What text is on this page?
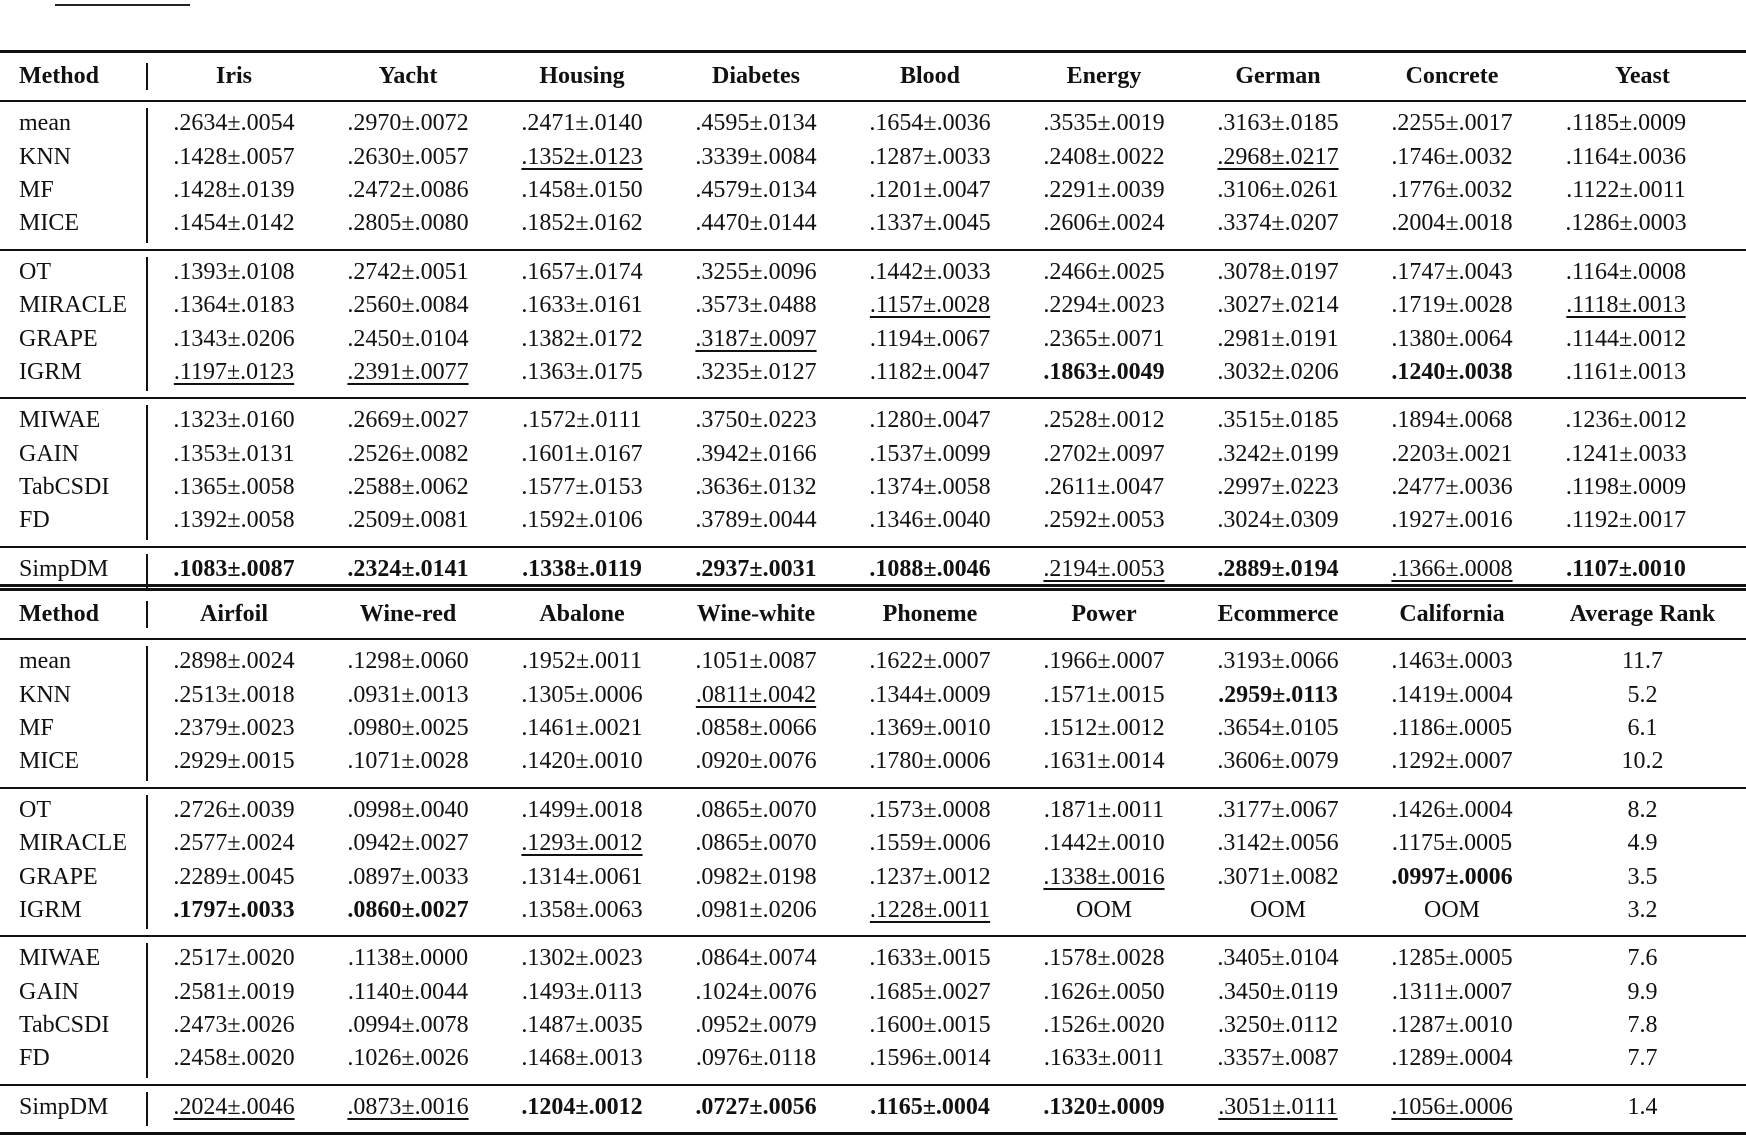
Method	Iris	Yacht	Housing	Diabetes	Blood	Energy	German	Concrete	Yeast
mean	.2634±.0054	.2970±.0072	.2471±.0140	.4595±.0134	.1654±.0036	.3535±.0019	.3163±.0185	.2255±.0017	.1185±.0009
KNN	.1428±.0057	.2630±.0057	.1352±.0123	.3339±.0084	.1287±.0033	.2408±.0022	.2968±.0217	.1746±.0032	.1164±.0036
MF	.1428±.0139	.2472±.0086	.1458±.0150	.4579±.0134	.1201±.0047	.2291±.0039	.3106±.0261	.1776±.0032	.1122±.0011
MICE	.1454±.0142	.2805±.0080	.1852±.0162	.4470±.0144	.1337±.0045	.2606±.0024	.3374±.0207	.2004±.0018	.1286±.0003
OT	.1393±.0108	.2742±.0051	.1657±.0174	.3255±.0096	.1442±.0033	.2466±.0025	.3078±.0197	.1747±.0043	.1164±.0008
MIRACLE	.1364±.0183	.2560±.0084	.1633±.0161	.3573±.0488	.1157±.0028	.2294±.0023	.3027±.0214	.1719±.0028	.1118±.0013
GRAPE	.1343±.0206	.2450±.0104	.1382±.0172	.3187±.0097	.1194±.0067	.2365±.0071	.2981±.0191	.1380±.0064	.1144±.0012
IGRM	.1197±.0123	.2391±.0077	.1363±.0175	.3235±.0127	.1182±.0047	.1863±.0049	.3032±.0206	.1240±.0038	.1161±.0013
MIWAE	.1323±.0160	.2669±.0027	.1572±.0111	.3750±.0223	.1280±.0047	.2528±.0012	.3515±.0185	.1894±.0068	.1236±.0012
GAIN	.1353±.0131	.2526±.0082	.1601±.0167	.3942±.0166	.1537±.0099	.2702±.0097	.3242±.0199	.2203±.0021	.1241±.0033
TabCSDI	.1365±.0058	.2588±.0062	.1577±.0153	.3636±.0132	.1374±.0058	.2611±.0047	.2997±.0223	.2477±.0036	.1198±.0009
FD	.1392±.0058	.2509±.0081	.1592±.0106	.3789±.0044	.1346±.0040	.2592±.0053	.3024±.0309	.1927±.0016	.1192±.0017
SimpDM	.1083±.0087	.2324±.0141	.1338±.0119	.2937±.0031	.1088±.0046	.2194±.0053	.2889±.0194	.1366±.0008	.1107±.0010
Method	Airfoil	Wine-red	Abalone	Wine-white	Phoneme	Power	Ecommerce	California	Average Rank
mean	.2898±.0024	.1298±.0060	.1952±.0011	.1051±.0087	.1622±.0007	.1966±.0007	.3193±.0066	.1463±.0003	11.7
KNN	.2513±.0018	.0931±.0013	.1305±.0006	.0811±.0042	.1344±.0009	.1571±.0015	.2959±.0113	.1419±.0004	5.2
MF	.2379±.0023	.0980±.0025	.1461±.0021	.0858±.0066	.1369±.0010	.1512±.0012	.3654±.0105	.1186±.0005	6.1
MICE	.2929±.0015	.1071±.0028	.1420±.0010	.0920±.0076	.1780±.0006	.1631±.0014	.3606±.0079	.1292±.0007	10.2
OT	.2726±.0039	.0998±.0040	.1499±.0018	.0865±.0070	.1573±.0008	.1871±.0011	.3177±.0067	.1426±.0004	8.2
MIRACLE	.2577±.0024	.0942±.0027	.1293±.0012	.0865±.0070	.1559±.0006	.1442±.0010	.3142±.0056	.1175±.0005	4.9
GRAPE	.2289±.0045	.0897±.0033	.1314±.0061	.0982±.0198	.1237±.0012	.1338±.0016	.3071±.0082	.0997±.0006	3.5
IGRM	.1797±.0033	.0860±.0027	.1358±.0063	.0981±.0206	.1228±.0011	OOM	OOM	OOM	3.2
MIWAE	.2517±.0020	.1138±.0000	.1302±.0023	.0864±.0074	.1633±.0015	.1578±.0028	.3405±.0104	.1285±.0005	7.6
GAIN	.2581±.0019	.1140±.0044	.1493±.0113	.1024±.0076	.1685±.0027	.1626±.0050	.3450±.0119	.1311±.0007	9.9
TabCSDI	.2473±.0026	.0994±.0078	.1487±.0035	.0952±.0079	.1600±.0015	.1526±.0020	.3250±.0112	.1287±.0010	7.8
FD	.2458±.0020	.1026±.0026	.1468±.0013	.0976±.0118	.1596±.0014	.1633±.0011	.3357±.0087	.1289±.0004	7.7
SimpDM	.2024±.0046	.0873±.0016	.1204±.0012	.0727±.0056	.1165±.0004	.1320±.0009	.3051±.0111	.1056±.0006	1.4
